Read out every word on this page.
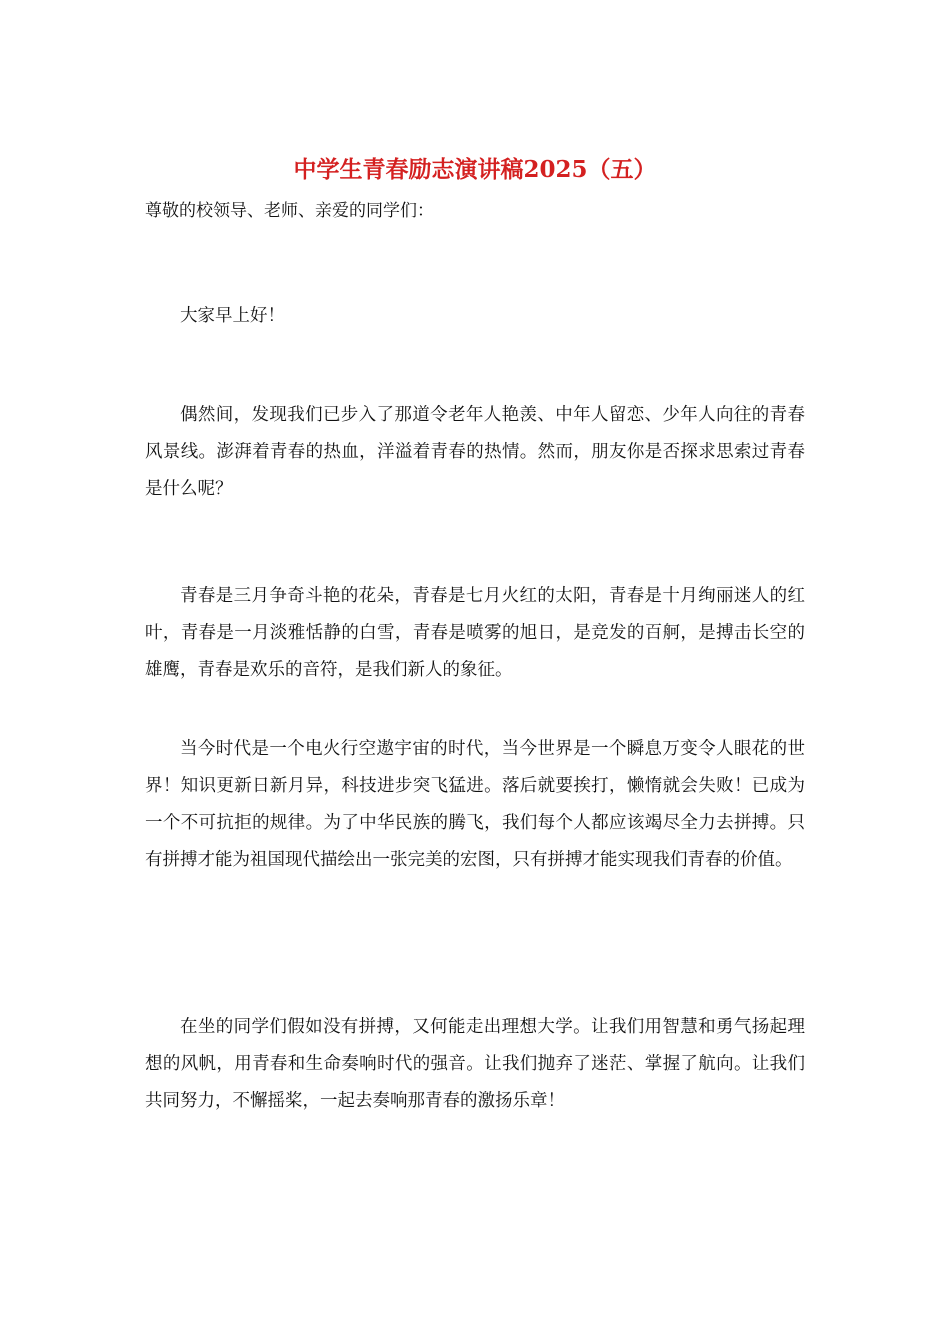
中学生青春励志演讲稿2025（五）

尊敬的校领导、老师、亲爱的同学们：

大家早上好！

偶然间，发现我们已步入了那道令老年人艳羡、中年人留恋、少年人向往的青春风景线。澎湃着青春的热血，洋溢着青春的热情。然而，朋友你是否探求思索过青春是什么呢？

青春是三月争奇斗艳的花朵，青春是七月火红的太阳，青春是十月绚丽迷人的红叶，青春是一月淡雅恬静的白雪，青春是喷雾的旭日，是竞发的百舸，是搏击长空的雄鹰，青春是欢乐的音符，是我们新人的象征。

当今时代是一个电火行空遨宇宙的时代，当今世界是一个瞬息万变令人眼花的世界！知识更新日新月异，科技进步突飞猛进。落后就要挨打，懒惰就会失败！已成为一个不可抗拒的规律。为了中华民族的腾飞，我们每个人都应该竭尽全力去拼搏。只有拼搏才能为祖国现代描绘出一张完美的宏图，只有拼搏才能实现我们青春的价值。

在坐的同学们假如没有拼搏，又何能走出理想大学。让我们用智慧和勇气扬起理想的风帆，用青春和生命奏响时代的强音。让我们抛弃了迷茫、掌握了航向。让我们共同努力，不懈摇桨，一起去奏响那青春的激扬乐章！
